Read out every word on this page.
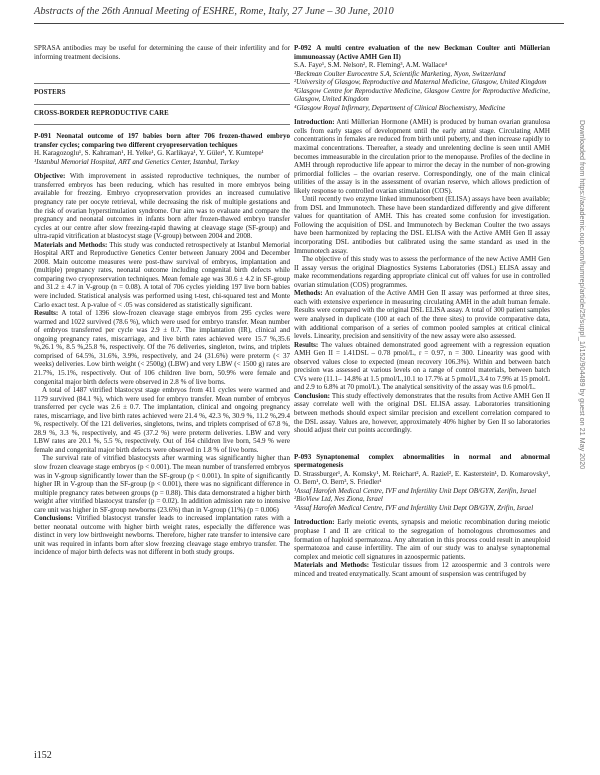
Abstracts of the 26th Annual Meeting of ESHRE, Rome, Italy, 27 June – 30 June, 2010

SPRASA antibodies may be useful for determining the cause of their infertility and for informing treatment decisions.

POSTERS
CROSS-BORDER REPRODUCTIVE CARE

P-091 Neonatal outcome of 197 babies born after 706 frozen-thawed embryo transfer cycles; comparing two different cryopreservation techiques

H. Karagozoglu¹, S. Kahraman¹, H. Yelke¹, G. Karlikaya¹, Y. Güler¹, Y. Kumtepe¹

¹Istanbul Memorial Hospital, ART and Genetics Center, Istanbul, Turkey

Objective: With improvement in assisted reproductive techniques, the number of transferred embryos has been reducing, which has resulted in more embryos being available for freezing. Embryo cryopreservation provides an increased cumulative pregnancy rate per oocyte retrieval, while decreasing the risk of multiple gestations and the risk of ovarian hyperstimulation syndrome. Our aim was to evaluate and compare the pregnancy and neonatal outcomes in infants born after frozen-thawed embryo transfer cycles at our centre after slow freezing-rapid thawing at cleavage stage (SF-group) and ultra-rapid vitrification at blastocyst stage (V-group) between 2004 and 2008.

Materials and Methods: This study was conducted retrospectively at Istanbul Memorial Hospital ART and Reproductive Genetics Center between January 2004 and December 2008. Main outcome measures were post-thaw survival of embryos, implantation and (multiple) pregnancy rates, neonatal outcome including congenital birth defects while comparing two cryopreservation techniques. Mean female age was 30.6 ± 4.2 in SF-group and 31.2 ± 4.7 in V-group (n = 0.08). A total of 706 cycles yielding 197 live born babies were included. Statistical analysis was performed using t-test, chi-squared test and Monte Carlo exact test. A p-value of < .05 was considered as statistically significant.

Results: A total of 1396 slow-frozen cleavage stage embryos from 295 cycles were warmed and 1022 survived (78.6 %), which were used for embryo transfer. Mean number of embryos transferred per cycle was 2.9 ± 0.7. The implantation (IR), clinical and ongoing pregnancy rates, miscarriage, and live birth rates achieved were 15.7 %,35.6 %,26.1 %, 8.5 %,25.8 %, respectively. Of the 76 deliveries, singleton, twins, and triplets comprised of 64.5%, 31.6%, 3.9%, respectively, and 24 (31.6%) were preterm (< 37 weeks) deliveries. Low birth weight (< 2500g) (LBW) and very LBW (< 1500 g) rates are 21.7%, 15.1%, respectively. Out of 106 children live born, 50.9% were female and congenital major birth defects were observed in 2.8 % of live borns.

A total of 1487 vitrified blastocyst stage embryos from 411 cycles were warmed and 1179 survived (84.1 %), which were used for embryo transfer. Mean number of embryos transferred per cycle was 2.6 ± 0.7. The implantation, clinical and ongoing pregnancy rates, miscarriage, and live birth rates achieved were 21.4 %, 42.3 %, 30.9 %, 11.2 %,29.4 %, respectively. Of the 121 deliveries, singletons, twins, and triplets comprised of 67.8 %, 28.9 %, 3.3 %, respectively, and 45 (37.2 %) were preterm deliveries. LBW and very LBW rates are 20.1 %, 5.5 %, respectively. Out of 164 children live born, 54.9 % were female and congenital major birth defects were observed in 1.8 % of live borns.

The survival rate of vitrified blastocysts after warming was significantly higher than slow frozen cleavage stage embryos (p < 0.001). The mean number of transferred embryos was in V-group significantly lower than the SF-group (p < 0.001). In spite of significantly higher IR in V-group than the SF-group (p < 0.001), there was no significant difference in multiple pregnancy rates between groups (p = 0.88). This data demonstrated a higher birth weight after vitrified blastocyst transfer (p = 0.02). In addition admission rate to intensive care unit was higher in SF-group newborns (23.6%) than in V-group (11%) (p = 0.006)

Conclusions: Vitrified blastocyst transfer leads to increased implantation rates with a better neonatal outcome with higher birth weight rates, especially the difference was distinct in very low birthweight newborns. Therefore, higher rate transfer to intensive care unit was required in infants born after slow freezing cleavage stage embryo transfer. The incidence of major birth defects was not different in both study groups.

P-092 A multi centre evaluation of the new Beckman Coulter anti Müllerian immunoassay (Active AMH Gen II)

S.A. Faye¹, S.M. Nelson², R. Fleming³, A.M. Wallace⁴

¹Beckman Coulter Eurocentre S.A, Scientific Marketing, Nyon, Switzerland

²University of Glasgow, Reproductive and Maternal Medicine, Glasgow, United Kingdom

³Glasgow Centre for Reproductive Medicine, Glasgow Centre for Reproductive Medicine, Glasgow, United Kingdom

⁴Glasgow Royal Infirmary, Department of Clinical Biochemistry, Medicine

Introduction: Anti Müllerian Hormone (AMH) is produced by human ovarian granulosa cells from early stages of development until the early antral stage. Circulating AMH concentrations in females are reduced from birth until puberty, and then increase rapidly to maximal concentrations. Thereafter, a steady and unrelenting decline is seen until AMH becomes immeasurable in the circulation prior to the menopause. Profiles of the decline in AMH through reproductive life appear to mirror the decay in the number of non-growing primordial follicles – the ovarian reserve. Correspondingly, one of the main clinical utilities of the assay is in the assessment of ovarian reserve, which allows prediction of likely response to controlled ovarian stimulation (COS).

Until recently two enzyme linked immunosorbent (ELISA) assays have been available; from DSL and Immunotech. These have been standardized differently and give different values for quantitation of AMH. This has created some confusion for investigation. Following the acquisition of DSL and Immunotech by Beckman Coulter the two assays have been harmonized by replacing the DSL ELISA with the Active AMH Gen II assay incorporating DSL antibodies but calibrated using the same standard as used in the Immunotech assay.

The objective of this study was to assess the performance of the new Active AMH Gen II assay versus the original Diagnostics Systems Laboratories (DSL) ELISA assay and make recommendations regarding appropriate clinical cut off values for use in controlled ovarian stimulation (COS) programmes.

Methods: An evaluation of the Active AMH Gen II assay was performed at three sites, each with extensive experience in measuring circulating AMH in the adult human female. Results were compared with the original DSL ELISA assay. A total of 300 patient samples were analysed in duplicate (100 at each of the three sites) to provide comparative data, with additional comparison of a series of common pooled samples at critical clinical levels. Linearity, precision and sensitivity of the new assay were also assessed.

Results: The values obtained demonstrated good agreement with a regression equation AMH Gen II = 1.41DSL – 0.78 pmol/L, r = 0.97, n = 300. Linearity was good with observed values close to expected (mean recovery 106.3%). Within and between batch precision was assessed at various levels on a range of control materials, between batch CVs were (11.1– 14.8% at 1.5 pmol/L,10.1 to 17.7% at 5 pmol/L,3.4 to 7.9% at 15 pmol/L and 2.9 to 6.8% at 70 pmol/L). The analytical sensitivity of the assay was 0.6 pmol/L.

Conclusion: This study effectively demonstrates that the results from Active AMH Gen II assay correlate well with the original DSL ELISA assay. Laboratories transitioning between methods should expect similar precision and excellent correlation compared to the DSL assay. Values are, however, approximately 40% higher by Gen II so laboratories should adjust their cut points accordingly.

P-093 Synaptonemal complex abnormalities in normal and abnormal spermatogenesis

D. Strassburger¹, A. Komsky¹, M. Reichart², A. Raziel², E. Kasterstein¹, D. Komarovsky¹, O. Bern¹, O. Bern³, S. Friedler¹

¹Assaf Harofeh Medical Centre, IVF and Infertility Unit Dept OB/GYN, Zerifin, Israel

²BioView Ltd, Nes Ziona, Israel

³Assaf Harofeh Medical Centre, IVF and Infertility Unit Dept OB/GYN, Zrifin, Israel

Introduction: Early meiotic events, synapsis and meiotic recombination during meiotic prophase I and II are critical to the segregation of homologous chromosomes and formation of haploid spermatozoa. Any alteration in this process could result in aneuploid spermatozoa and cause infertility. The aim of our study was to analyse synaptonemal complex and meiotic cell signatures in azoospermic patients.

Materials and Methods: Testicular tissues from 12 azoospermic and 3 controls were minced and treated enzymatically. Scant amount of suspension was centrifuged by

i152
Downloaded from https://academic.oup.com/humrep/article/25/suppl_1/i152/904489 by guest on 21 May 2020
